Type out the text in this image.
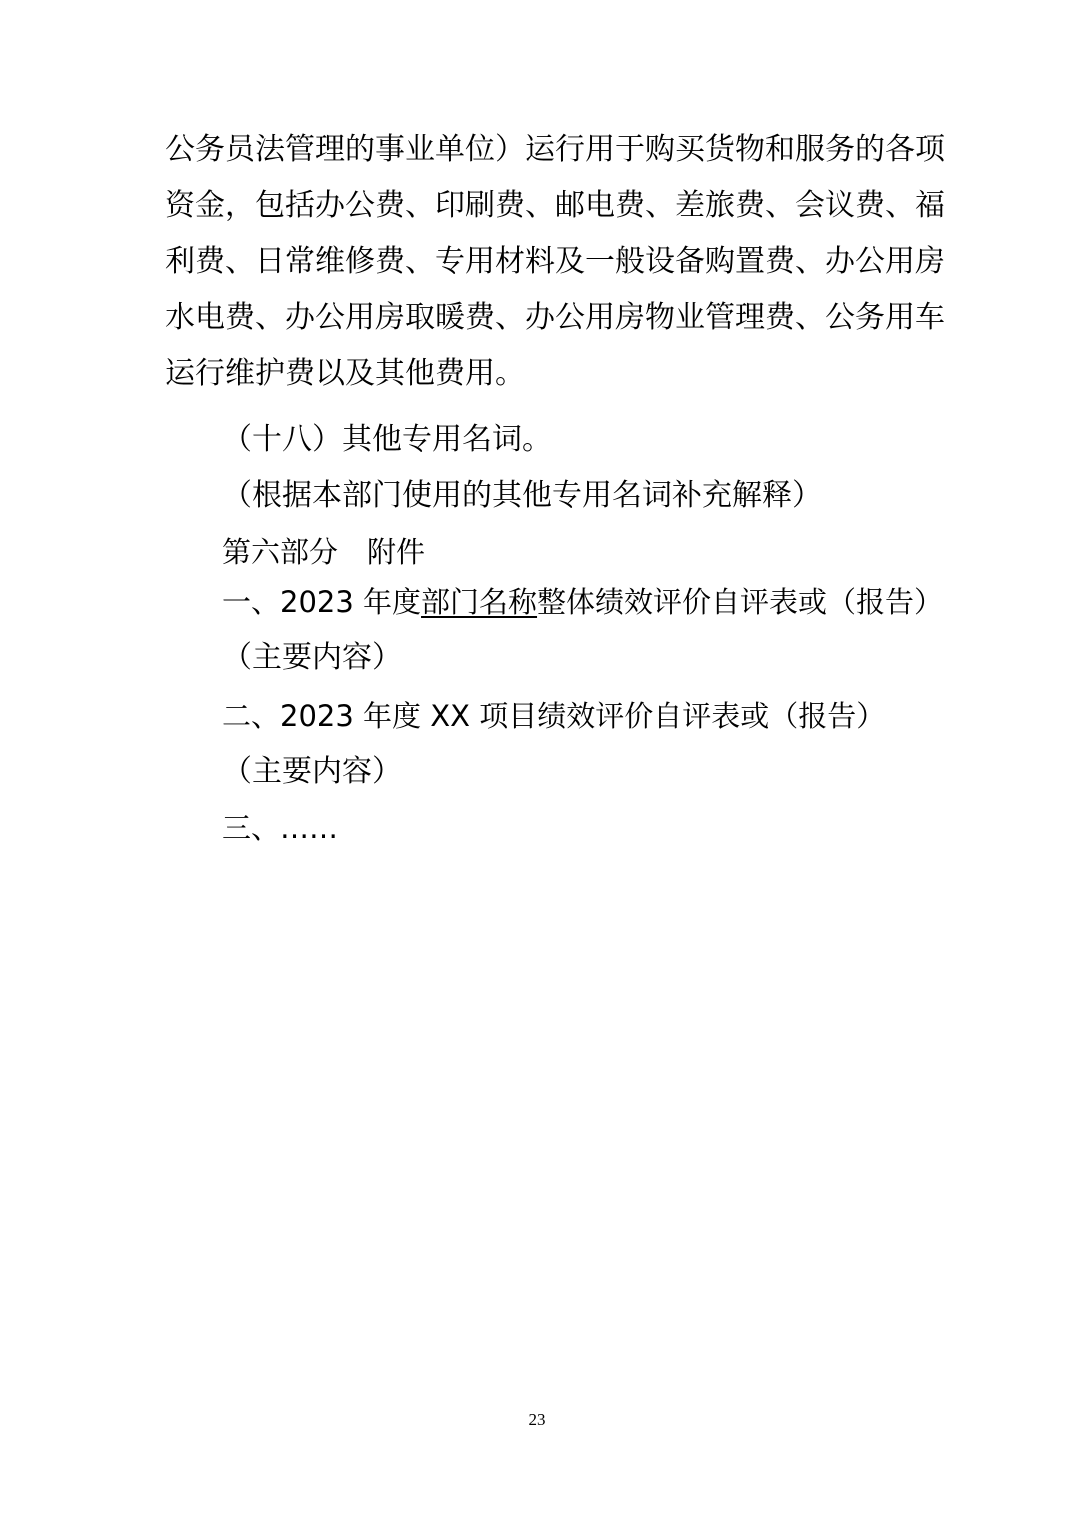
公务员法管理的事业单位）运行用于购买货物和服务的各项
资金，包括办公费、印刷费、邮电费、差旅费、会议费、福
利费、日常维修费、专用材料及一般设备购置费、办公用房
水电费、办公用房取暖费、办公用房物业管理费、公务用车
运行维护费以及其他费用。
（十八）其他专用名词。
（根据本部门使用的其他专用名词补充解释）
第六部分　附件
一、2023 年度部门名称整体绩效评价自评表或（报告）
（主要内容）
二、2023 年度 XX 项目绩效评价自评表或（报告）
（主要内容）
三、……
23
